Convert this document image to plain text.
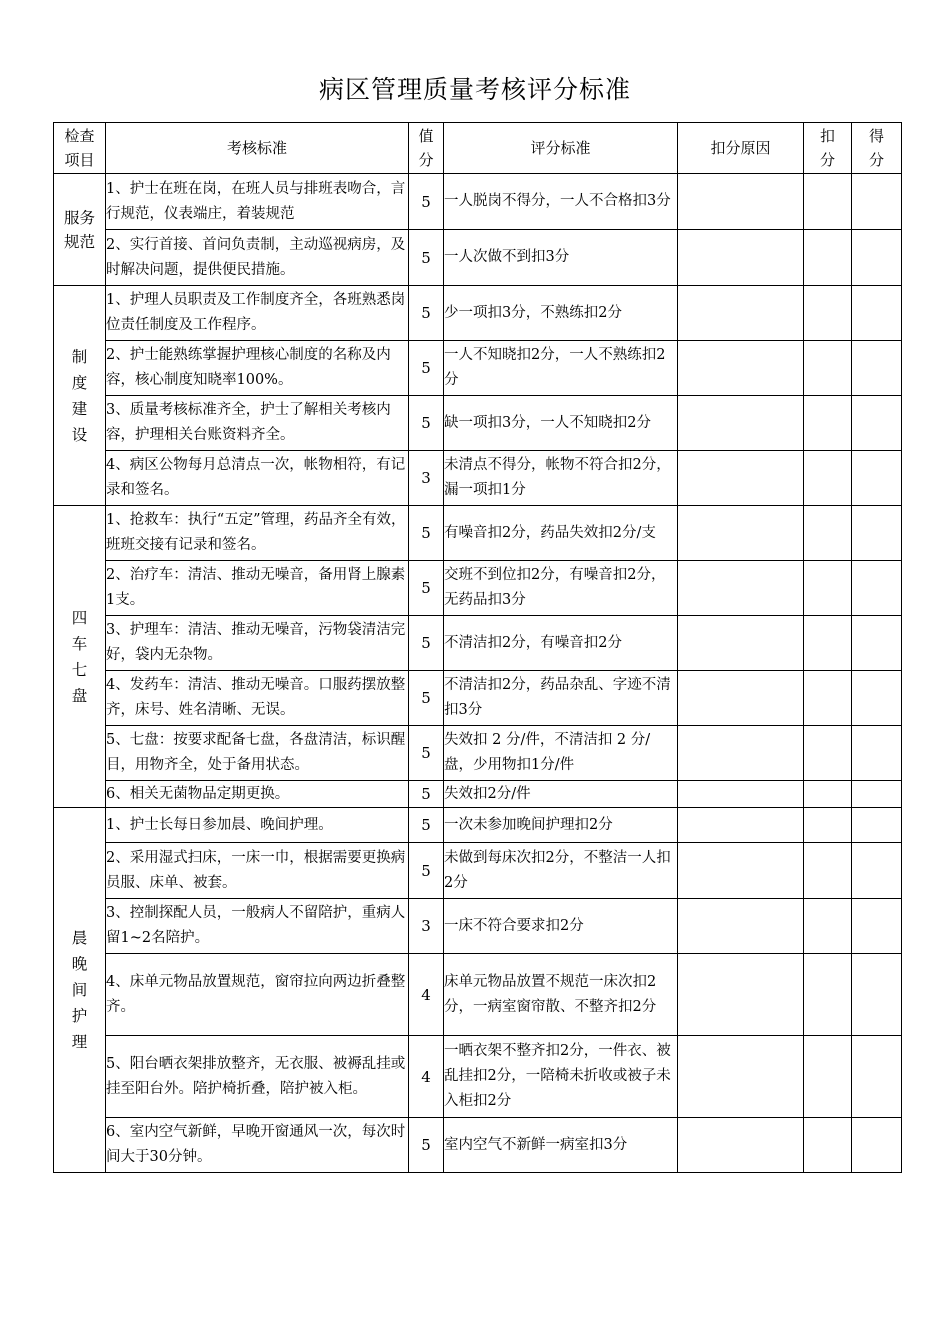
病区管理质量考核评分标准
检查项目	考核标准	值分	评分标准	扣分原因	扣分	得分
服务规范	1、护士在班在岗，在班人员与排班表吻合，言行规范，仪表端庄，着装规范	5	一人脱岗不得分，一人不合格扣3分			
	2、实行首接、首问负责制，主动巡视病房，及时解决问题，提供便民措施。	5	一人次做不到扣3分			
制度建设	1、护理人员职责及工作制度齐全，各班熟悉岗位责任制度及工作程序。	5	少一项扣3分，不熟练扣2分			
	2、护士能熟练掌握护理核心制度的名称及内容，核心制度知晓率100%。	5	一人不知晓扣2分，一人不熟练扣2分			
	3、质量考核标准齐全，护士了解相关考核内容，护理相关台账资料齐全。	5	缺一项扣3分，一人不知晓扣2分			
	4、病区公物每月总清点一次，帐物相符，有记录和签名。	3	未清点不得分，帐物不符合扣2分，漏一项扣1分			
四车七盘	1、抢救车：执行“五定”管理，药品齐全有效，班班交接有记录和签名。	5	有噪音扣2分，药品失效扣2分/支			
	2、治疗车：清洁、推动无噪音，备用肾上腺素1支。	5	交班不到位扣2分，有噪音扣2分，无药品扣3分			
	3、护理车：清洁、推动无噪音，污物袋清洁完好，袋内无杂物。	5	不清洁扣2分，有噪音扣2分			
	4、发药车：清洁、推动无噪音。口服药摆放整齐，床号、姓名清晰、无误。	5	不清洁扣2分，药品杂乱、字迹不清扣3分			
	5、七盘：按要求配备七盘，各盘清洁，标识醒目，用物齐全，处于备用状态。	5	失效扣 2 分/件，不清洁扣 2 分/盘，少用物扣1分/件			
	6、相关无菌物品定期更换。	5	失效扣2分/件			
晨晚间护理	1、护士长每日参加晨、晚间护理。	5	一次未参加晚间护理扣2分			
	2、采用湿式扫床，一床一巾，根据需要更换病员服、床单、被套。	5	未做到每床次扣2分，不整洁一人扣2分			
	3、控制探配人员，一般病人不留陪护，重病人留1~2名陪护。	3	一床不符合要求扣2分			
	4、床单元物品放置规范，窗帘拉向两边折叠整齐。	4	床单元物品放置不规范一床次扣2分，一病室窗帘散、不整齐扣2分			
	5、阳台晒衣架排放整齐，无衣服、被褥乱挂或挂至阳台外。陪护椅折叠，陪护被入柜。	4	一晒衣架不整齐扣2分，一件衣、被乱挂扣2分，一陪椅未折收或被子未入柜扣2分			
	6、室内空气新鲜，早晚开窗通风一次，每次时间大于30分钟。	5	室内空气不新鲜一病室扣3分			
